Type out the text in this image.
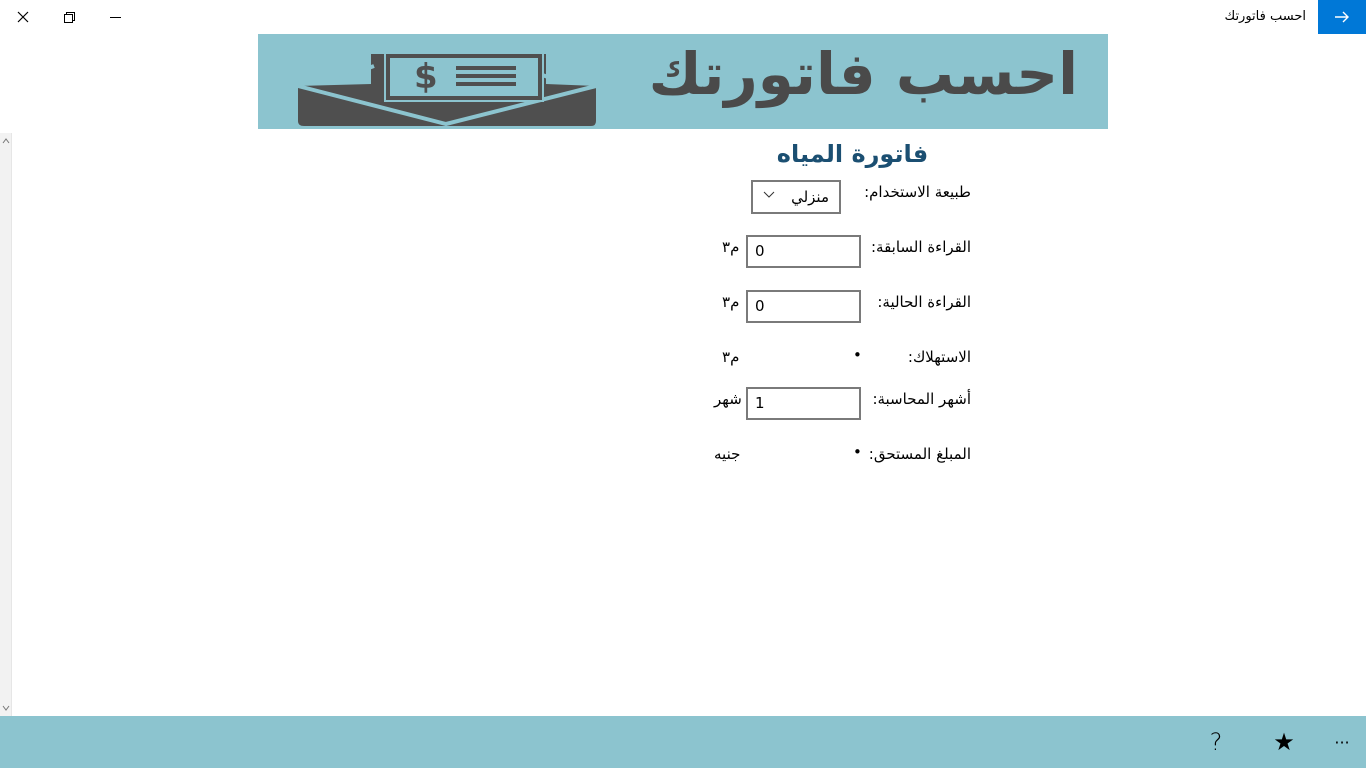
احسب فاتورتك
$	احسب فاتورتك
فاتورة المياه
طبيعة الاستخدام:
منزلي
القراءة السابقة:
0
م٣
القراءة الحالية:
0
م٣
الاستهلاك:
•
م٣
أشهر المحاسبة:
1
شهر
المبلغ المستحق:
•
جنيه
? ★ ···
